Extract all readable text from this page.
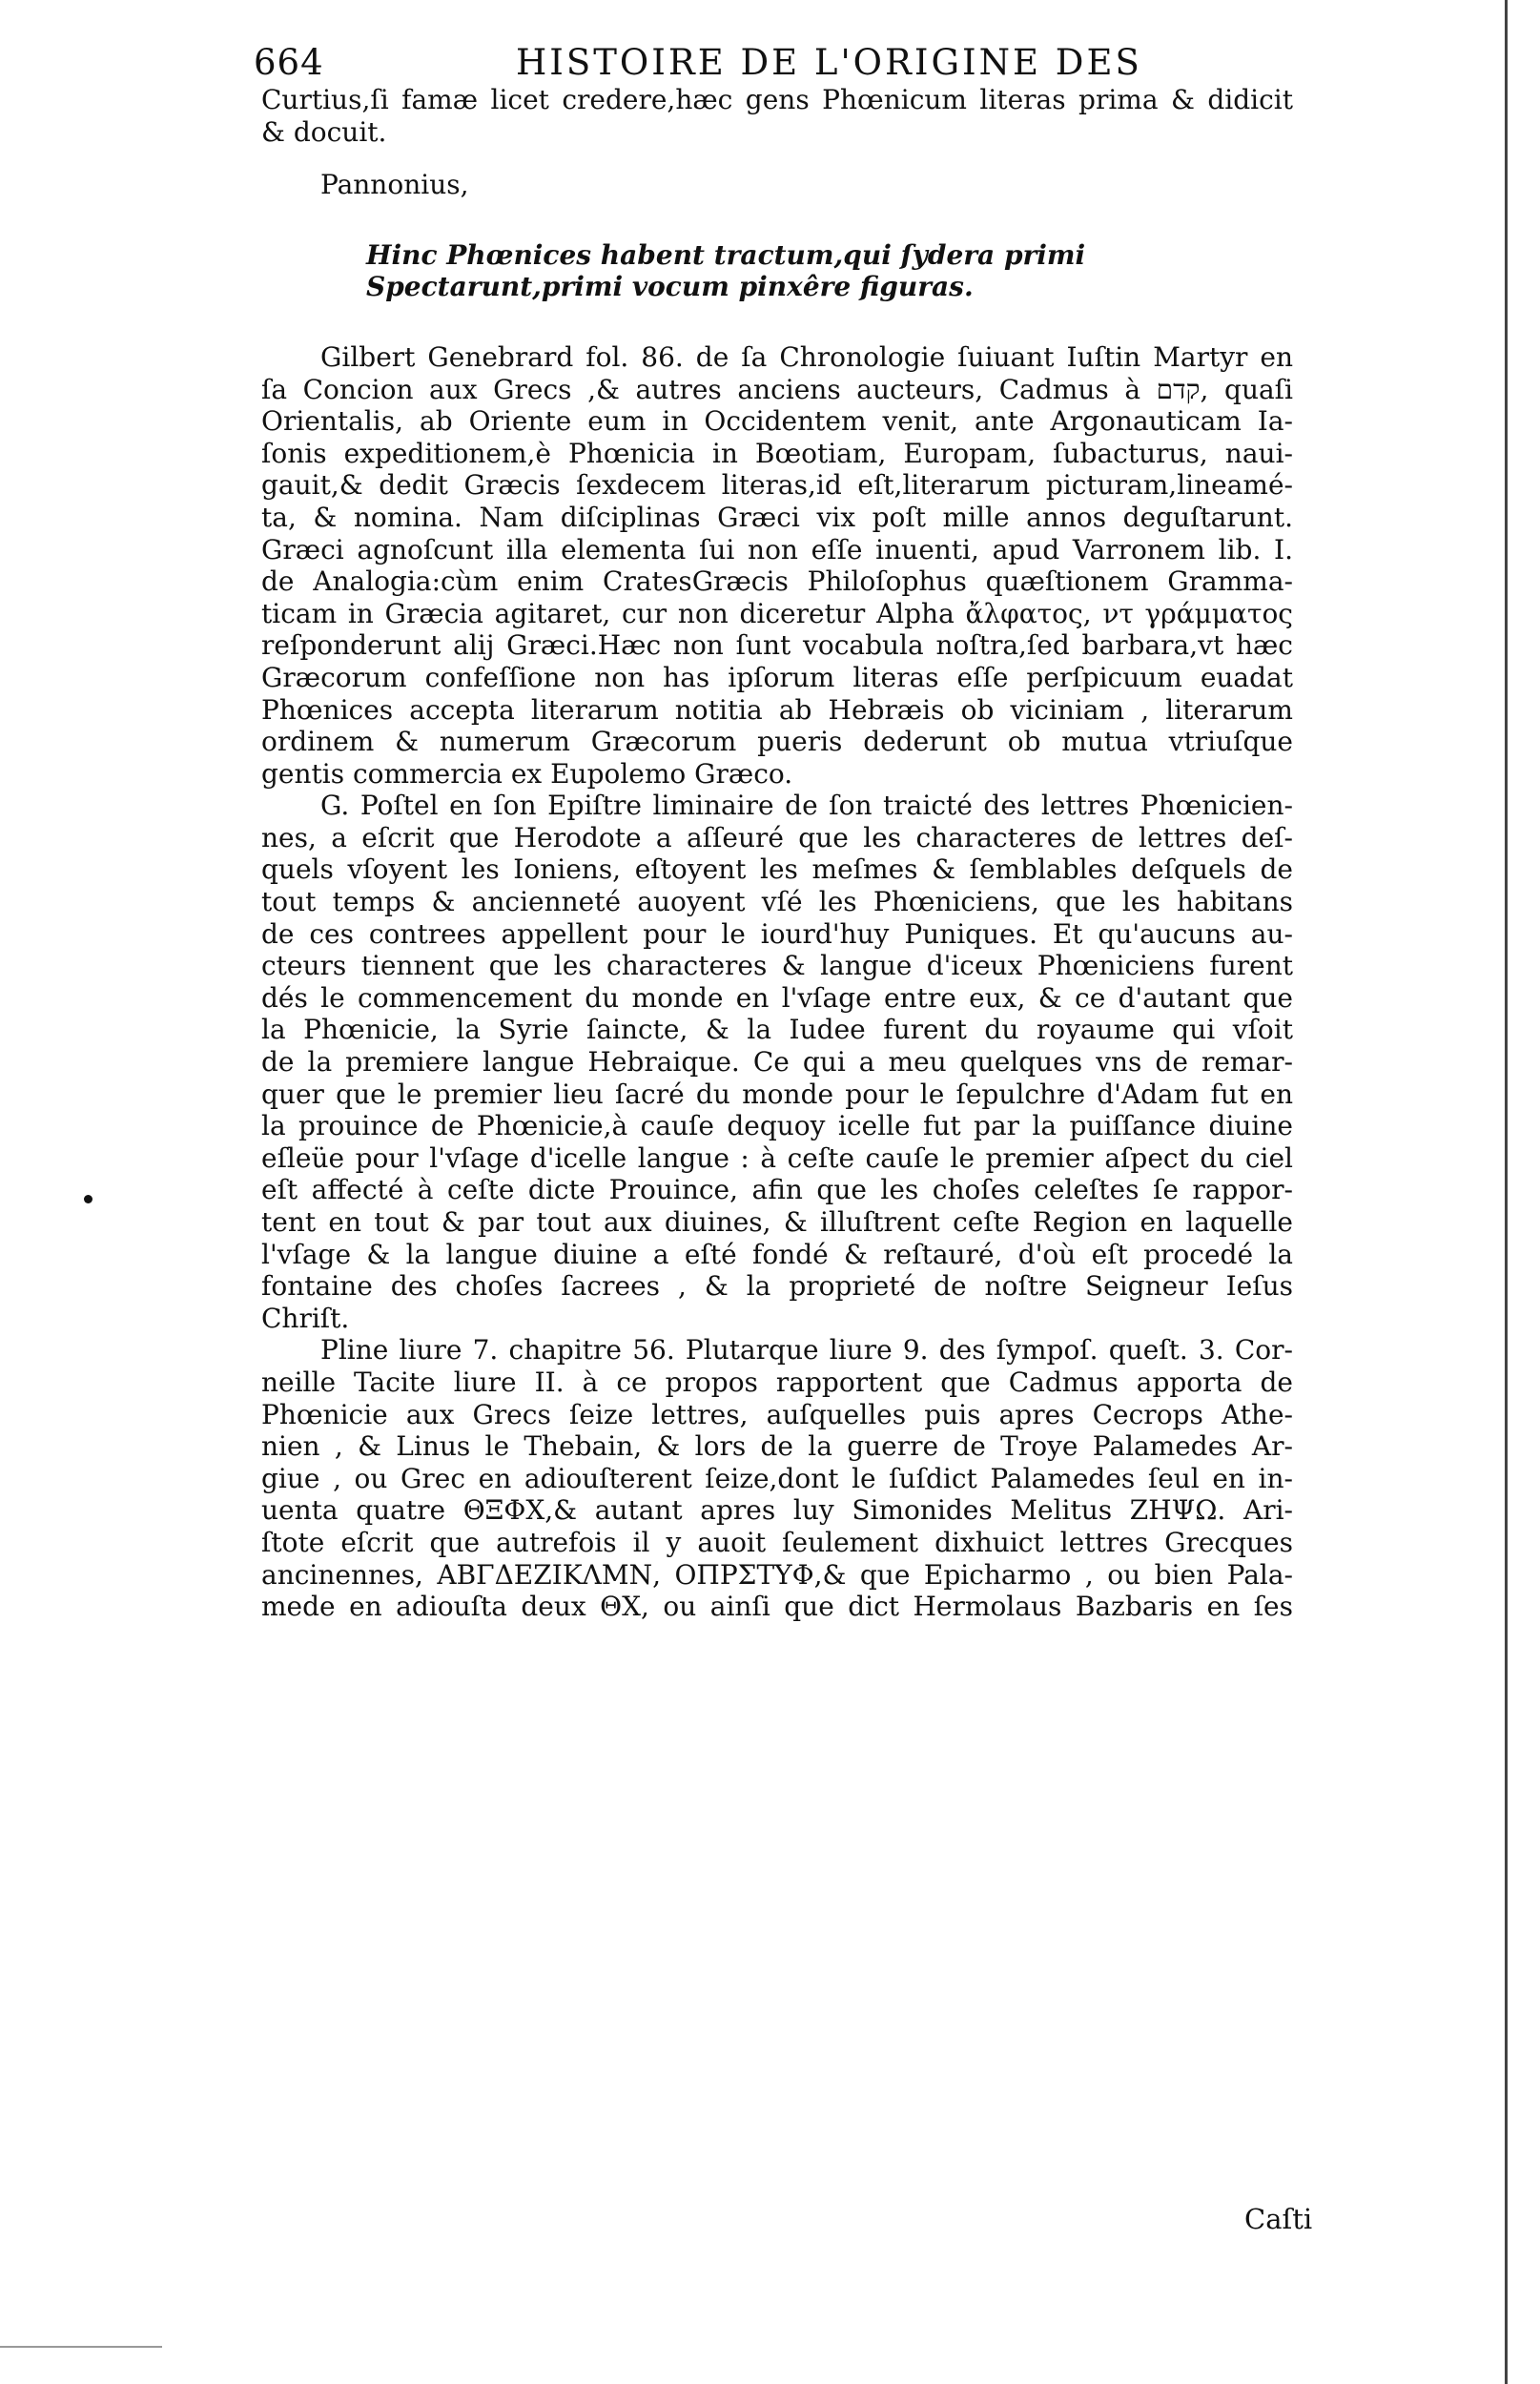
664	HISTOIRE DE L'ORIGINE DES
Curtius,ſi famæ licet credere,hæc gens Phœnicum literas prima & didicit
& docuit.
Pannonius,
Hinc Phœnices habent tractum,qui ſydera primi
Spectarunt,primi vocum pinxêre figuras.
Gilbert Genebrard fol. 86. de ſa Chronologie ſuiuant Iuſtin Martyr en
ſa Concion aux Grecs ,& autres anciens aucteurs, Cadmus à קדם, quaſi
Orientalis, ab Oriente eum in Occidentem venit, ante Argonauticam Ia-
ſonis expeditionem,è Phœnicia in Bœotiam, Europam, ſubacturus, naui-
gauit,& dedit Græcis ſexdecem literas,id eſt,literarum picturam,lineamé-
ta, & nomina. Nam diſciplinas Græci vix poſt mille annos deguſtarunt.
Græci agnoſcunt illa elementa ſui non eſſe inuenti, apud Varronem lib. I.
de Analogia:cùm enim CratesGræcis Philoſophus quæſtionem Gramma-
ticam in Græcia agitaret, cur non diceretur Alpha ἄλφατος, ντ γράμματος
reſponderunt alij Græci.Hæc non ſunt vocabula noſtra,ſed barbara,vt hæc
Græcorum confeſſione non has ipſorum literas eſſe perſpicuum euadat
Phœnices accepta literarum notitia ab Hebræis ob viciniam , literarum
ordinem & numerum Græcorum pueris dederunt ob mutua vtriuſque
gentis commercia ex Eupolemo Græco.
G. Poſtel en ſon Epiſtre liminaire de ſon traicté des lettres Phœnicien-
nes, a eſcrit que Herodote a aſſeuré que les characteres de lettres deſ-
quels vſoyent les Ioniens, eſtoyent les meſmes & ſemblables deſquels de
tout temps & ancienneté auoyent vſé les Phœniciens, que les habitans
de ces contrees appellent pour le iourd'huy Puniques. Et qu'aucuns au-
cteurs tiennent que les characteres & langue d'iceux Phœniciens furent
dés le commencement du monde en l'vſage entre eux, & ce d'autant que
la Phœnicie, la Syrie ſaincte, & la Iudee furent du royaume qui vſoit
de la premiere langue Hebraique. Ce qui a meu quelques vns de remar-
quer que le premier lieu ſacré du monde pour le ſepulchre d'Adam fut en
la prouince de Phœnicie,à cauſe dequoy icelle fut par la puiſſance diuine
eſleüe pour l'vſage d'icelle langue : à ceſte cauſe le premier aſpect du ciel
eſt affecté à ceſte dicte Prouince, afin que les choſes celeſtes ſe rappor-
tent en tout & par tout aux diuines, & illuſtrent ceſte Region en laquelle
l'vſage & la langue diuine a eſté fondé & reſtauré, d'où eſt procedé la
fontaine des choſes ſacrees , & la proprieté de noſtre Seigneur Ieſus
Chriſt.
Pline liure 7. chapitre 56. Plutarque liure 9. des ſympoſ. queſt. 3. Cor-
neille Tacite liure II. à ce propos rapportent que Cadmus apporta de
Phœnicie aux Grecs ſeize lettres, auſquelles puis apres Cecrops Athe-
nien , & Linus le Thebain, & lors de la guerre de Troye Palamedes Ar-
giue , ou Grec en adiouſterent ſeize,dont le ſuſdict Palamedes ſeul en in-
uenta quatre ΘΞΦΧ,& autant apres luy Simonides Melitus ΖΗΨΩ. Ari-
ſtote eſcrit que autrefois il y auoit ſeulement dixhuict lettres Grecques
ancinennes, ΑΒΓΔΕΖΙΚΛΜΝ, ΟΠΡΣΤΥΦ,& que Epicharmo , ou bien Pala-
mede en adiouſta deux ΘΧ, ou ainſi que dict Hermolaus Bazbaris en ſes
Caſti
